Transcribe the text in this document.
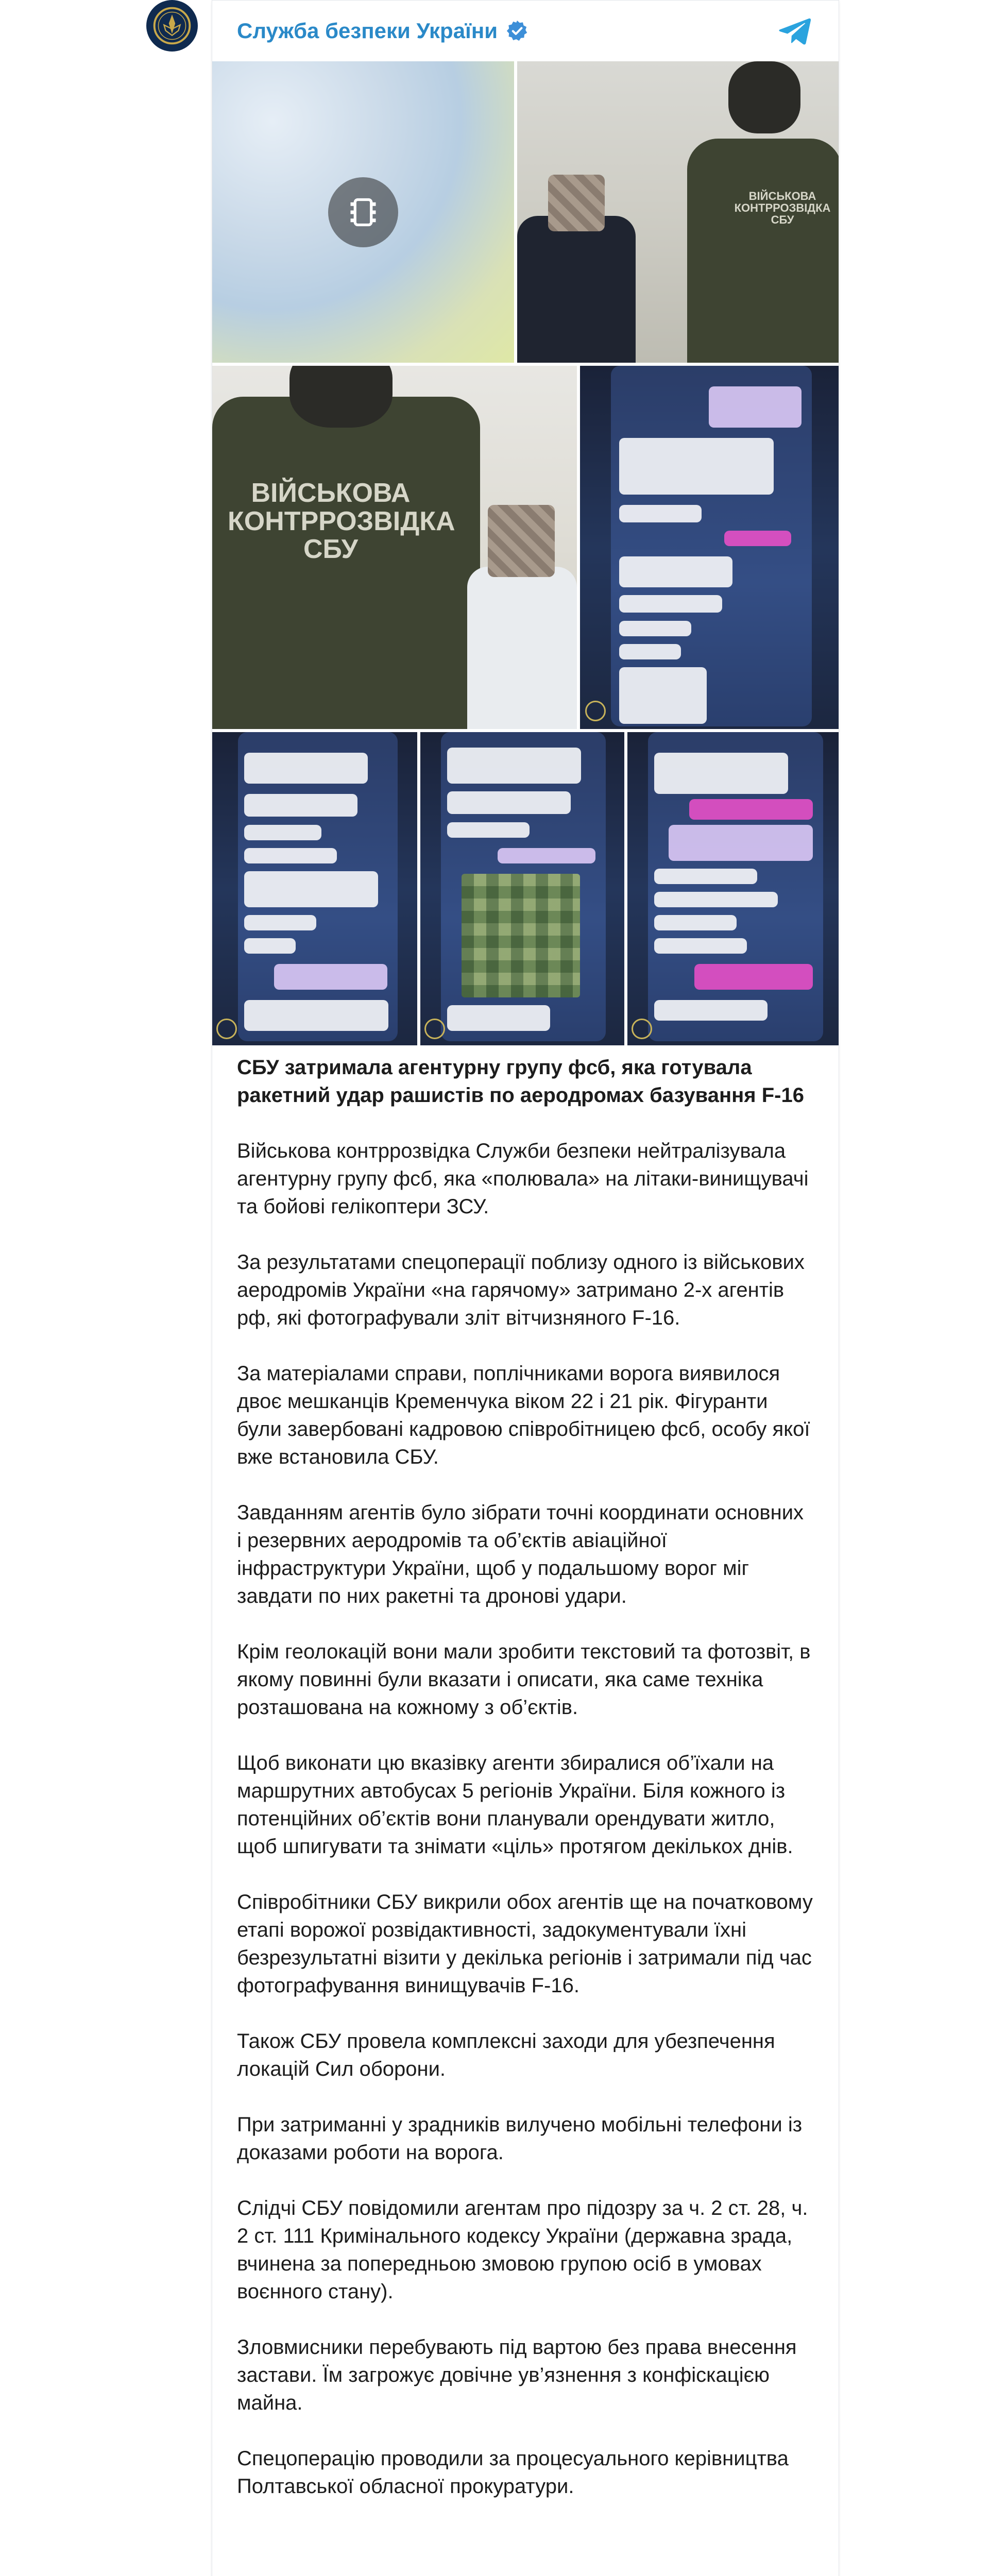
Служба безпеки України
ВІЙСЬКОВА
КОНТРРОЗВІДКА
СБУ
ВІЙСЬКОВА КОНТРРОЗВІДКА СБУ

СБУ затримала агентурну групу фсб, яка готувала ракетний удар рашистів по аеродромах базування F-16

Військова контррозвідка Служби безпеки нейтралізувала агентурну групу фсб, яка «полювала» на літаки-винищувачі та бойові гелікоптери ЗСУ.

За результатами спецоперації поблизу одного із військових аеродромів України «на гарячому» затримано 2-х агентів рф, які фотографували зліт вітчизняного F-16.

За матеріалами справи, поплічниками ворога виявилося двоє мешканців Кременчука віком 22 і 21 рік. Фігуранти були завербовані кадровою співробітницею фсб, особу якої вже встановила СБУ.

Завданням агентів було зібрати точні координати основних і резервних аеродромів та об’єктів авіаційної інфраструктури України, щоб у подальшому ворог міг завдати по них ракетні та дронові удари.

Крім геолокацій вони мали зробити текстовий та фотозвіт, в якому повинні були вказати і описати, яка саме техніка розташована на кожному з об’єктів.

Щоб виконати цю вказівку агенти збиралися об’їхали на маршрутних автобусах 5 регіонів України. Біля кожного із потенційних об’єктів вони планували орендувати житло, щоб шпигувати та знімати «ціль» протягом декількох днів.

Співробітники СБУ викрили обох агентів ще на початковому етапі ворожої розвідактивності, задокументували їхні безрезультатні візити у декілька регіонів і затримали під час фотографування винищувачів F-16.

Також СБУ провела комплексні заходи для убезпечення локацій Сил оборони.

При затриманні у зрадників вилучено мобільні телефони із доказами роботи на ворога.

Слідчі СБУ повідомили агентам про підозру за ч. 2 ст. 28, ч. 2 ст. 111 Кримінального кодексу України (державна зрада, вчинена за попередньою змовою групою осіб в умовах воєнного стану).

Зловмисники перебувають під вартою без права внесення застави. Їм загрожує довічне ув’язнення з конфіскацією майна.

Спецоперацію проводили за процесуального керівництва Полтавської обласної прокуратури.
